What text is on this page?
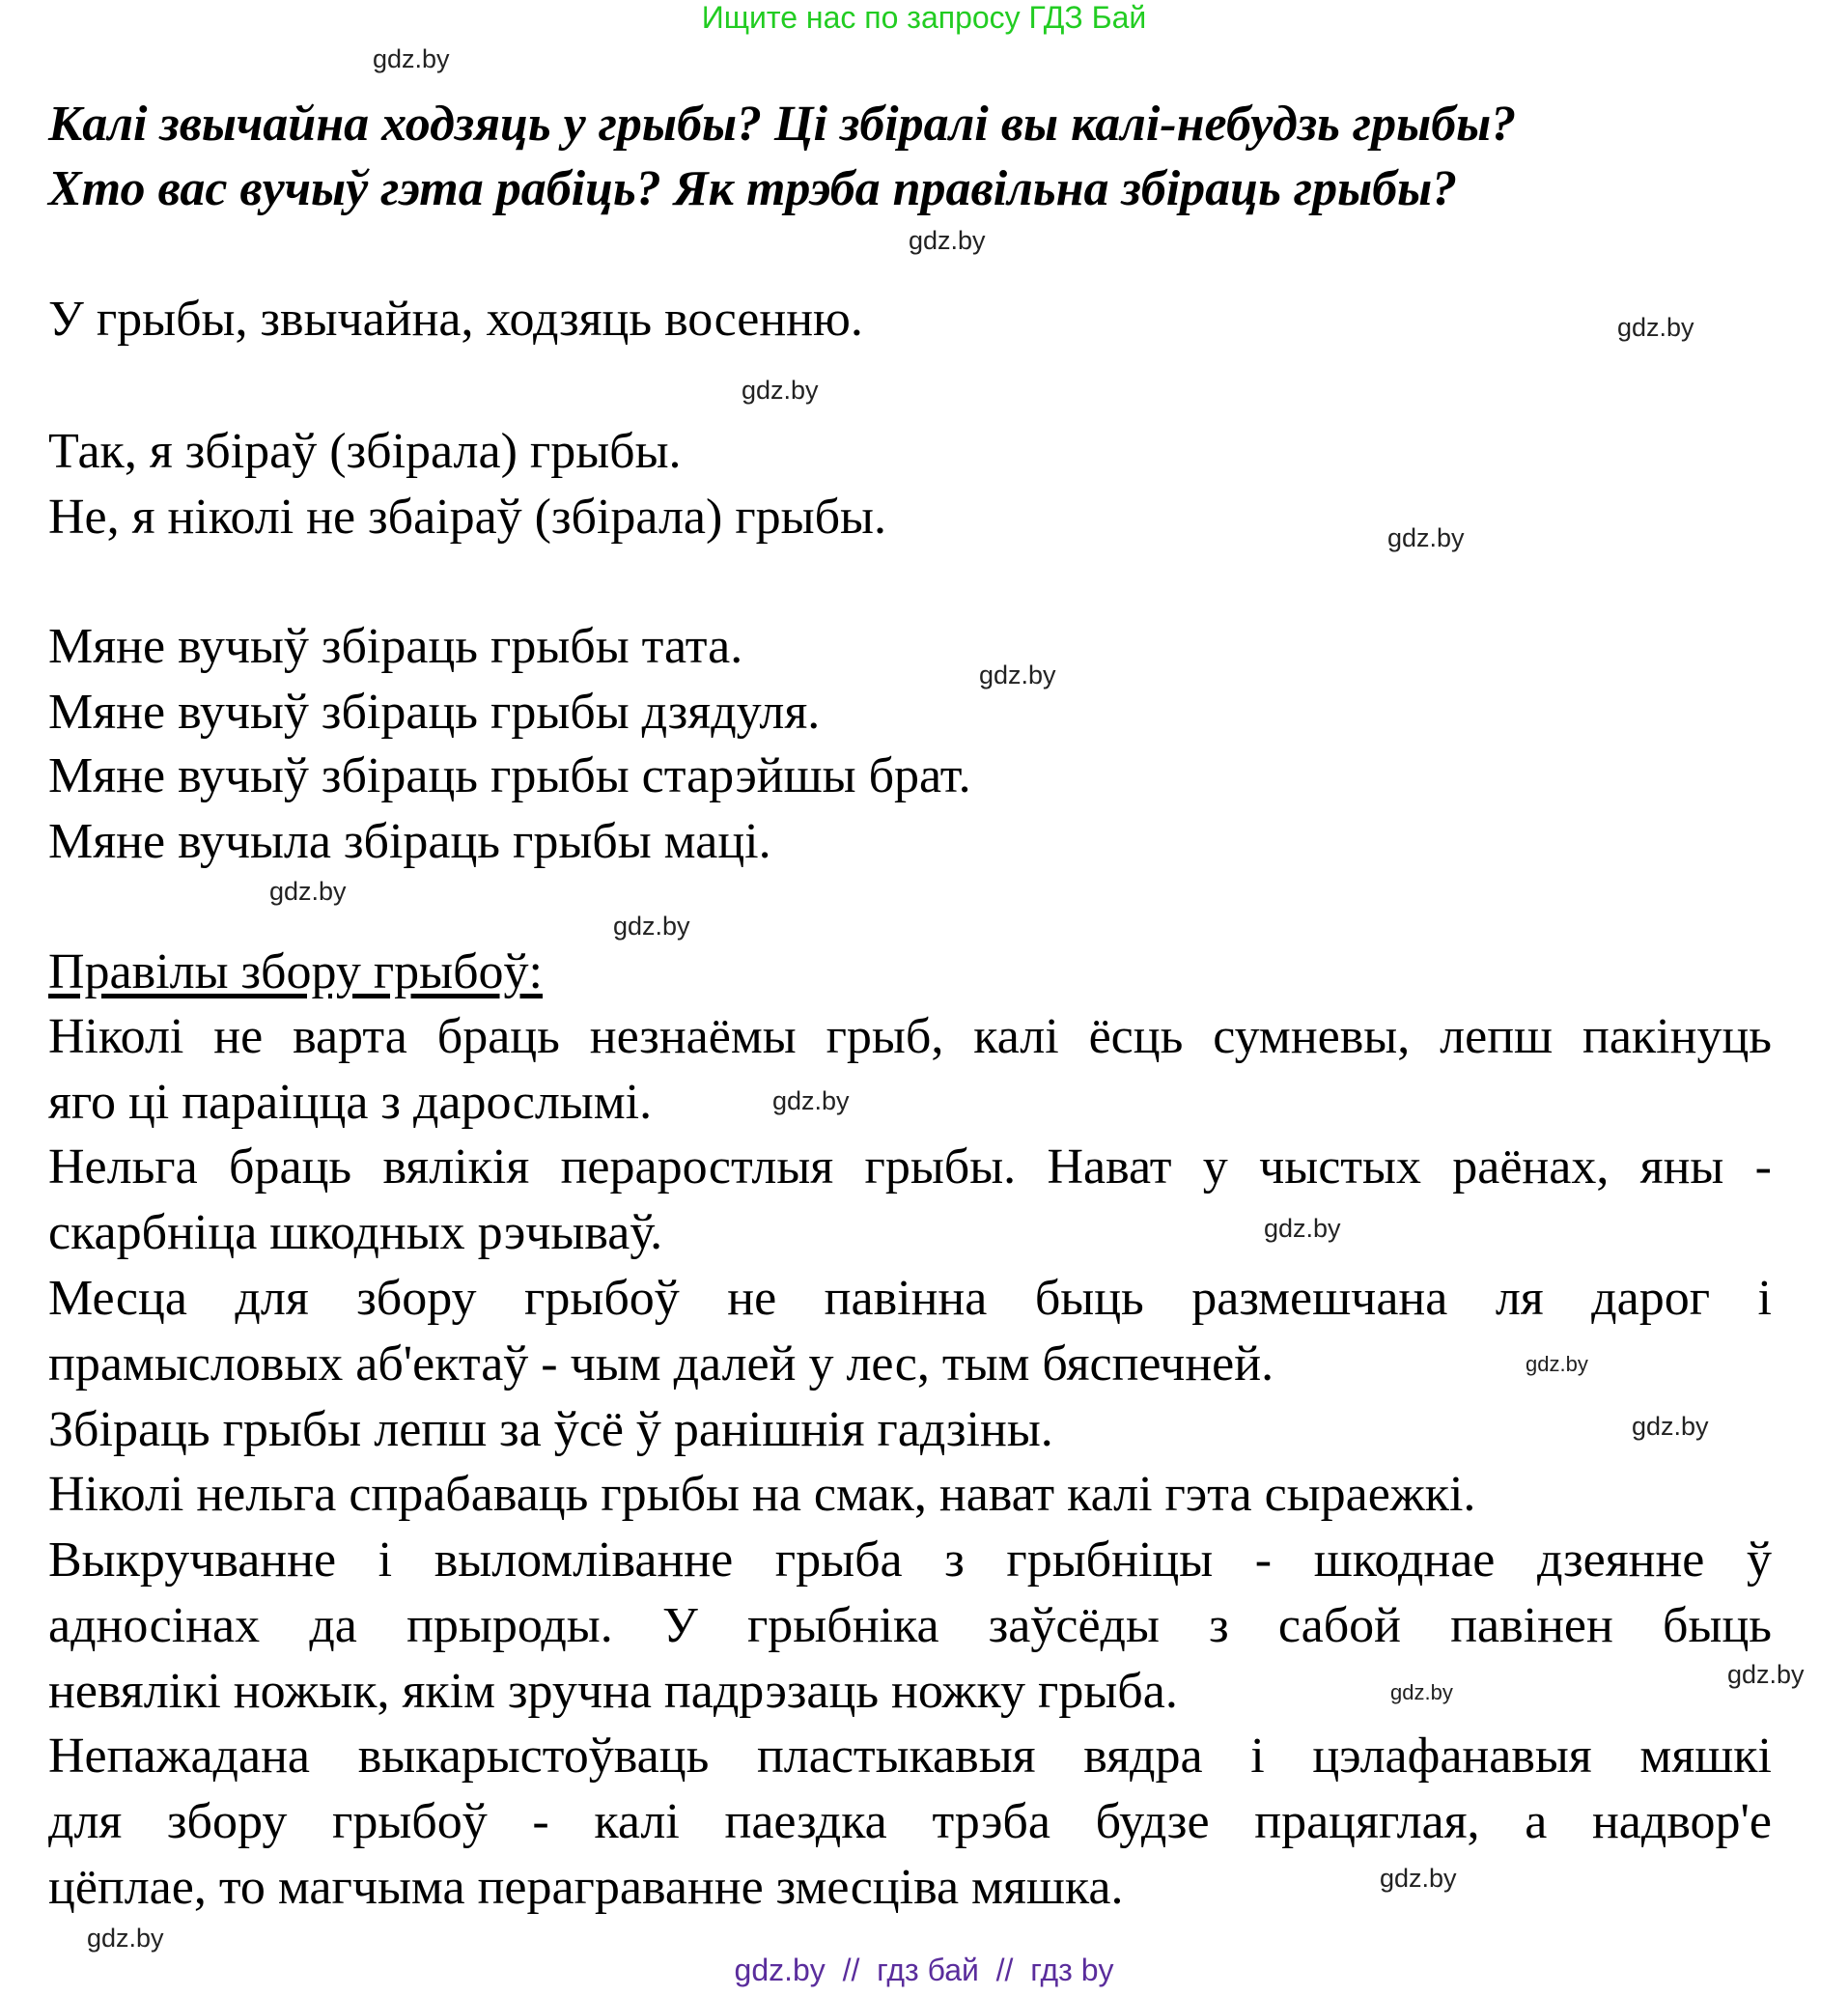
Ищите нас по запросу ГДЗ Бай
Калі звычайна ходзяць у грыбы? Ці збіралі вы калі-небудзь грыбы?
Хто вас вучыў гэта рабіць? Як трэба правільна збіраць грыбы?
У грыбы, звычайна, ходзяць восенню.
Так, я збіраў (збірала) грыбы.
Не, я ніколі не збаіраў (збірала) грыбы.
Мяне вучыў збіраць грыбы тата.
Мяне вучыў збіраць грыбы дзядуля.
Мяне вучыў збіраць грыбы старэйшы брат.
Мяне вучыла збіраць грыбы маці.
Правілы збору грыбоў:
Ніколі не варта браць незнаёмы грыб, калі ёсць сумневы, лепш пакінуць
яго ці параіцца з дарослымі.
Нельга браць вялікія пераростлыя грыбы. Нават у чыстых раёнах, яны -
скарбніца шкодных рэчываў.
Месца для збору грыбоў не павінна быць размешчана ля дарог і
прамысловых аб'ектаў - чым далей у лес, тым бяспечней.
Збіраць грыбы лепш за ўсё ў ранішнія гадзіны.
Ніколі нельга спрабаваць грыбы на смак, нават калі гэта сыраежкі.
Выкручванне і выломліванне грыба з грыбніцы - шкоднае дзеянне ў
адносінах да прыроды. У грыбніка заўсёды з сабой павінен быць
невялікі ножык, якім зручна падрэзаць ножку грыба.
Непажадана выкарыстоўваць пластыкавыя вядра і цэлафанавыя мяшкі
для збору грыбоў - калі паездка трэба будзе працяглая, а надвор'е
цёплае, то магчыма пераграванне змесціва мяшка.
gdz.by
gdz.by
gdz.by
gdz.by
gdz.by
gdz.by
gdz.by
gdz.by
gdz.by
gdz.by
gdz.by
gdz.by
gdz.by
gdz.by
gdz.by
gdz.by
gdz.by  //  гдз бай  //  гдз by
